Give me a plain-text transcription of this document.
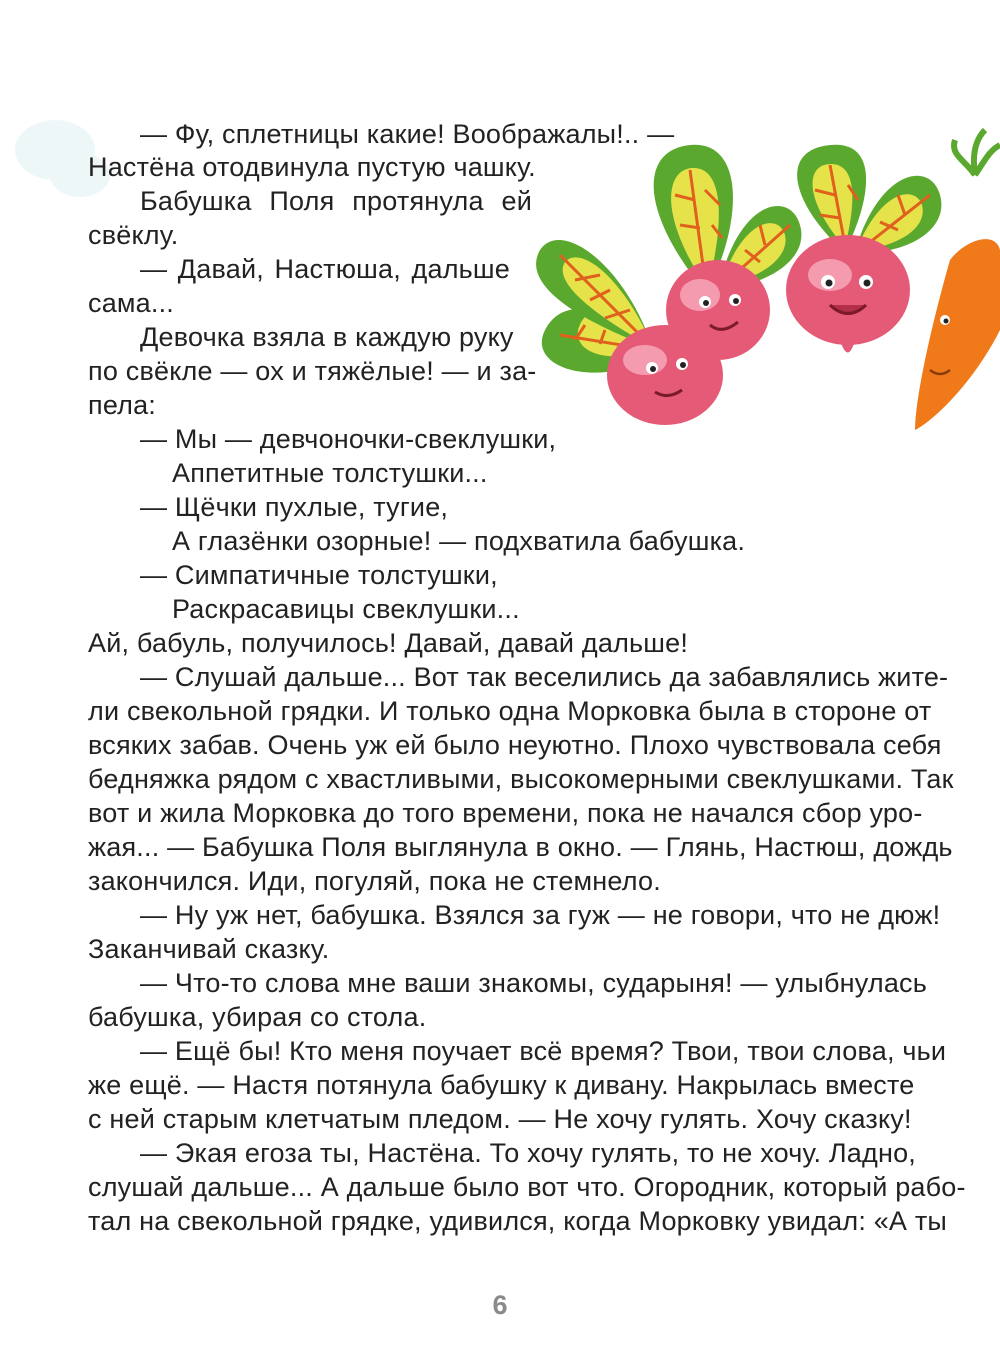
— Фу, сплетницы какие! Воображалы!.. —

Настёна отодвинула пустую чашку.

Бабушка Поля протянула ей

свёклу.

— Давай, Настюша, дальше

сама...

Девочка взяла в каждую руку

по свёкле — ох и тяжёлые! — и за-

пела:

— Мы — девчоночки-свеклушки,

Аппетитные толстушки...

— Щёчки пухлые, тугие,

А глазёнки озорные! — подхватила бабушка.

— Симпатичные толстушки,

Раскрасавицы свеклушки...

Ай, бабуль, получилось! Давай, давай дальше!

— Слушай дальше... Вот так веселились да забавлялись жите-

ли свекольной грядки. И только одна Морковка была в стороне от

всяких забав. Очень уж ей было неуютно. Плохо чувствовала себя

бедняжка рядом с хвастливыми, высокомерными свеклушками. Так

вот и жила Морковка до того времени, пока не начался сбор уро-

жая... — Бабушка Поля выглянула в окно. — Глянь, Настюш, дождь

закончился. Иди, погуляй, пока не стемнело.

— Ну уж нет, бабушка. Взялся за гуж — не говори, что не дюж!

Заканчивай сказку.

— Что-то слова мне ваши знакомы, сударыня! — улыбнулась

бабушка, убирая со стола.

— Ещё бы! Кто меня поучает всё время? Твои, твои слова, чьи

же ещё. — Настя потянула бабушку к дивану. Накрылась вместе

с ней старым клетчатым пледом. — Не хочу гулять. Хочу сказку!

— Экая егоза ты, Настёна. То хочу гулять, то не хочу. Ладно,

слушай дальше... А дальше было вот что. Огородник, который рабо-

тал на свекольной грядке, удивился, когда Морковку увидал: «А ты

6
